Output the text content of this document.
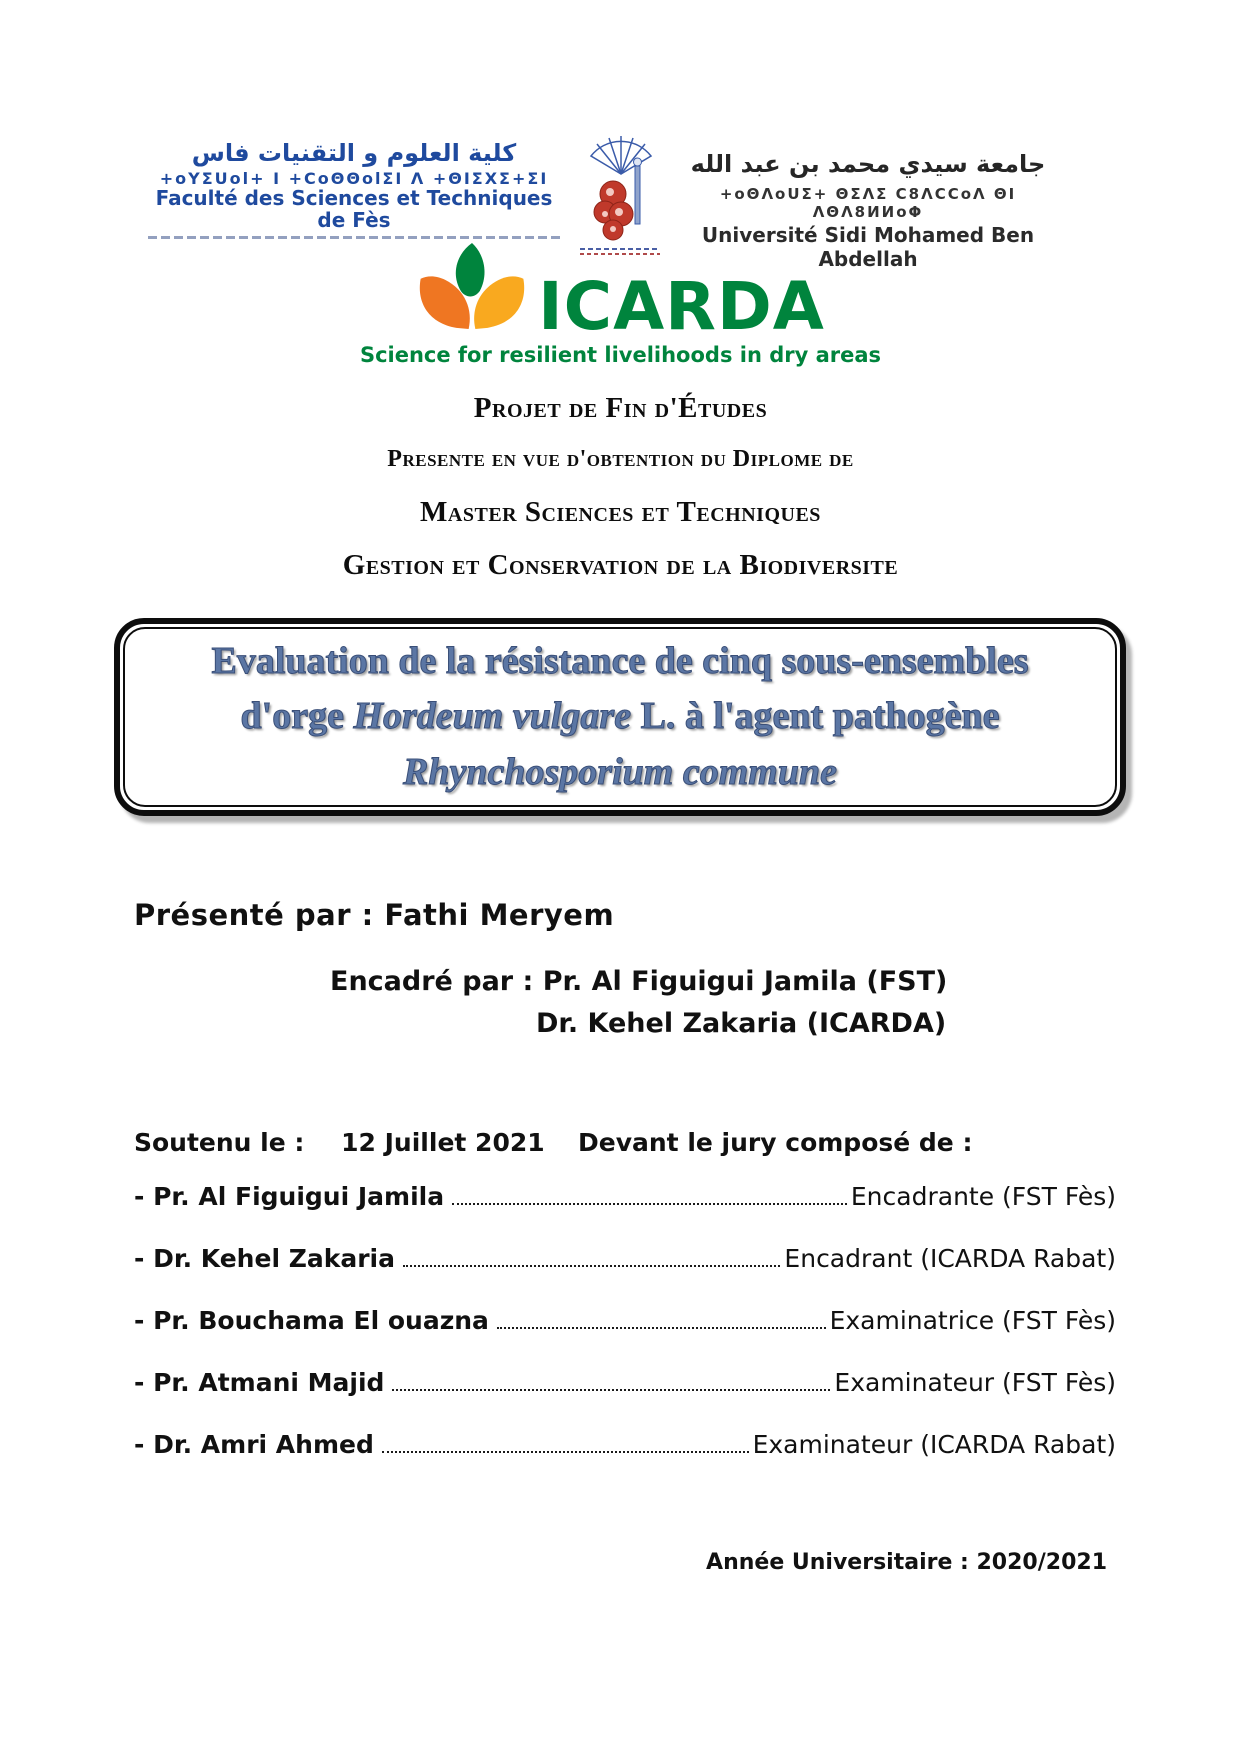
كلية العلوم و التقنيات فاس
+oYΣUol+ I +CoΘΘolΣI Λ +ΘIΣΧΣ+ΣI
Faculté des Sciences et Techniques de Fès
جامعة سيدي محمد بن عبد الله
+oΘΛoUΣ+ ΘΣΛΣ C8ΛCCoΛ ΘI ΛΘΛ8ИИoΦ
Université Sidi Mohamed Ben Abdellah
ICARDA
Science for resilient livelihoods in dry areas
Projet de Fin d'Études
Presente en vue d'obtention du Diplome de
Master Sciences et Techniques
Gestion et Conservation de la Biodiversite
Evaluation de la résistance de cinq sous-ensembles
d'orge Hordeum vulgare L. à l'agent pathogène
Rhynchosporium commune
Présenté par : Fathi Meryem
Encadré par : Pr. Al Figuigui Jamila (FST)
Dr. Kehel Zakaria (ICARDA)
Soutenu le : 12 Juillet 2021 Devant le jury composé de :
- Pr. Al Figuigui Jamila	Encadrante (FST Fès)
- Dr. Kehel Zakaria	Encadrant (ICARDA Rabat)
- Pr. Bouchama El ouazna	Examinatrice (FST Fès)
- Pr. Atmani Majid	Examinateur (FST Fès)
- Dr. Amri Ahmed	Examinateur (ICARDA Rabat)
Année Universitaire : 2020/2021
